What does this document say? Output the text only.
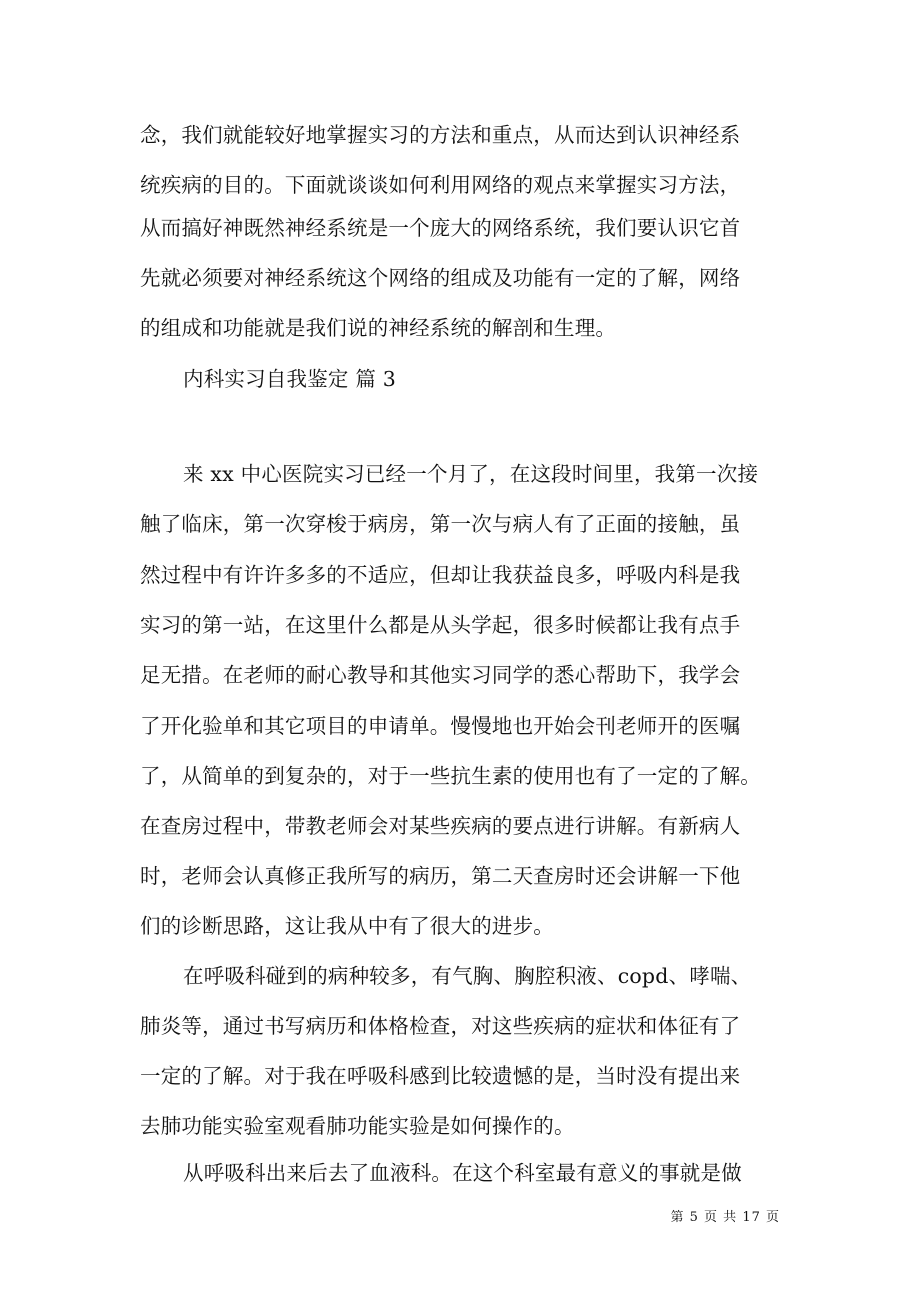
念，我们就能较好地掌握实习的方法和重点，从而达到认识神经系
统疾病的目的。下面就谈谈如何利用网络的观点来掌握实习方法，
从而搞好神既然神经系统是一个庞大的网络系统，我们要认识它首
先就必须要对神经系统这个网络的组成及功能有一定的了解，网络
的组成和功能就是我们说的神经系统的解剖和生理。
内科实习自我鉴定 篇 3
来 xx 中心医院实习已经一个月了，在这段时间里，我第一次接
触了临床，第一次穿梭于病房，第一次与病人有了正面的接触，虽
然过程中有许许多多的不适应，但却让我获益良多，呼吸内科是我
实习的第一站，在这里什么都是从头学起，很多时候都让我有点手
足无措。在老师的耐心教导和其他实习同学的悉心帮助下，我学会
了开化验单和其它项目的申请单。慢慢地也开始会刊老师开的医嘱
了，从简单的到复杂的，对于一些抗生素的使用也有了一定的了解。
在查房过程中，带教老师会对某些疾病的要点进行讲解。有新病人
时，老师会认真修正我所写的病历，第二天查房时还会讲解一下他
们的诊断思路，这让我从中有了很大的进步。
在呼吸科碰到的病种较多，有气胸、胸腔积液、copd、哮喘、
肺炎等，通过书写病历和体格检查，对这些疾病的症状和体征有了
一定的了解。对于我在呼吸科感到比较遗憾的是，当时没有提出来
去肺功能实验室观看肺功能实验是如何操作的。
从呼吸科出来后去了血液科。在这个科室最有意义的事就是做
第 5 页 共 17 页
